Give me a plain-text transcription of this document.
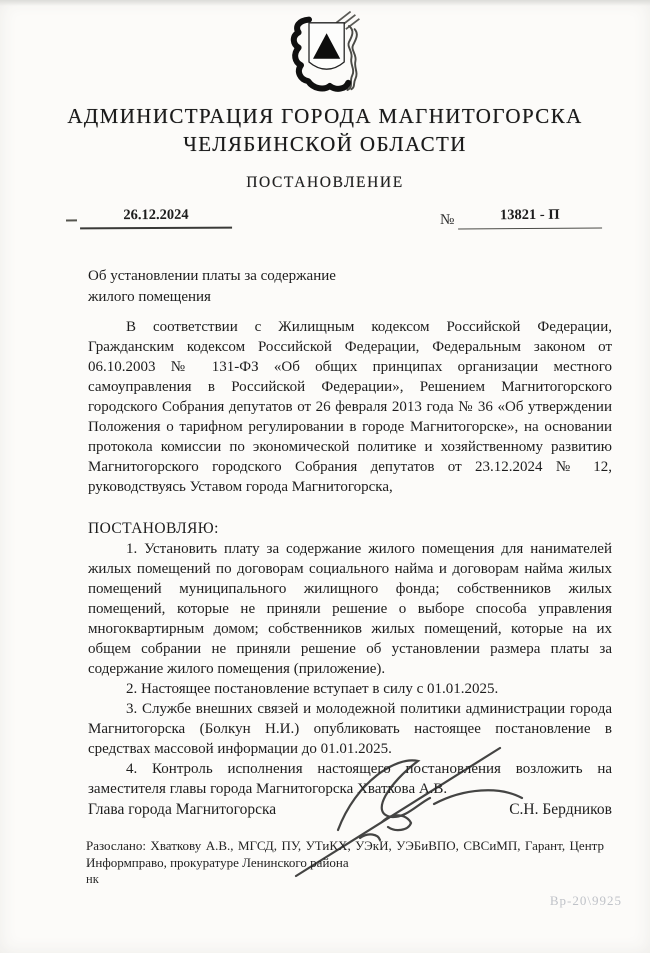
АДМИНИСТРАЦИЯ ГОРОДА МАГНИТОГОРСКА
ЧЕЛЯБИНСКОЙ ОБЛАСТИ
ПОСТАНОВЛЕНИЕ
26.12.2024	№	13821 - П
Об установлении платы за содержание
жилого помещения

В соответствии с Жилищным кодексом Российской Федерации, Гражданским кодексом Российской Федерации, Федеральным законом от 06.10.2003 № 131-ФЗ «Об общих принципах организации местного самоуправления в Российской Федерации», Решением Магнитогорского городского Собрания депутатов от 26 февраля 2013 года № 36 «Об утверждении Положения о тарифном регулировании в городе Магнитогорске», на основании протокола комиссии по экономической политике и хозяйственному развитию Магнитогорского городского Собрания депутатов от 23.12.2024 № 12, руководствуясь Уставом города Магнитогорска,

ПОСТАНОВЛЯЮ:

1. Установить плату за содержание жилого помещения для нанимателей жилых помещений по договорам социального найма и договорам найма жилых помещений муниципального жилищного фонда; собственников жилых помещений, которые не приняли решение о выборе способа управления многоквартирным домом; собственников жилых помещений, которые на их общем собрании не приняли решение об установлении размера платы за содержание жилого помещения (приложение).

2. Настоящее постановление вступает в силу с 01.01.2025.

3. Службе внешних связей и молодежной политики администрации города Магнитогорска (Болкун Н.И.) опубликовать настоящее постановление в средствах массовой информации до 01.01.2025.

4. Контроль исполнения настоящего постановления возложить на заместителя главы города Магнитогорска Хваткова А.В.

Глава города Магнитогорска	С.Н. Бердников
Разослано: Хваткову А.В., МГСД, ПУ, УТиКХ, УЭкИ, УЭБиВПО, СВСиМП, Гарант, Центр Информправо, прокуратуре Ленинского района
нк
Вр-20\9925
